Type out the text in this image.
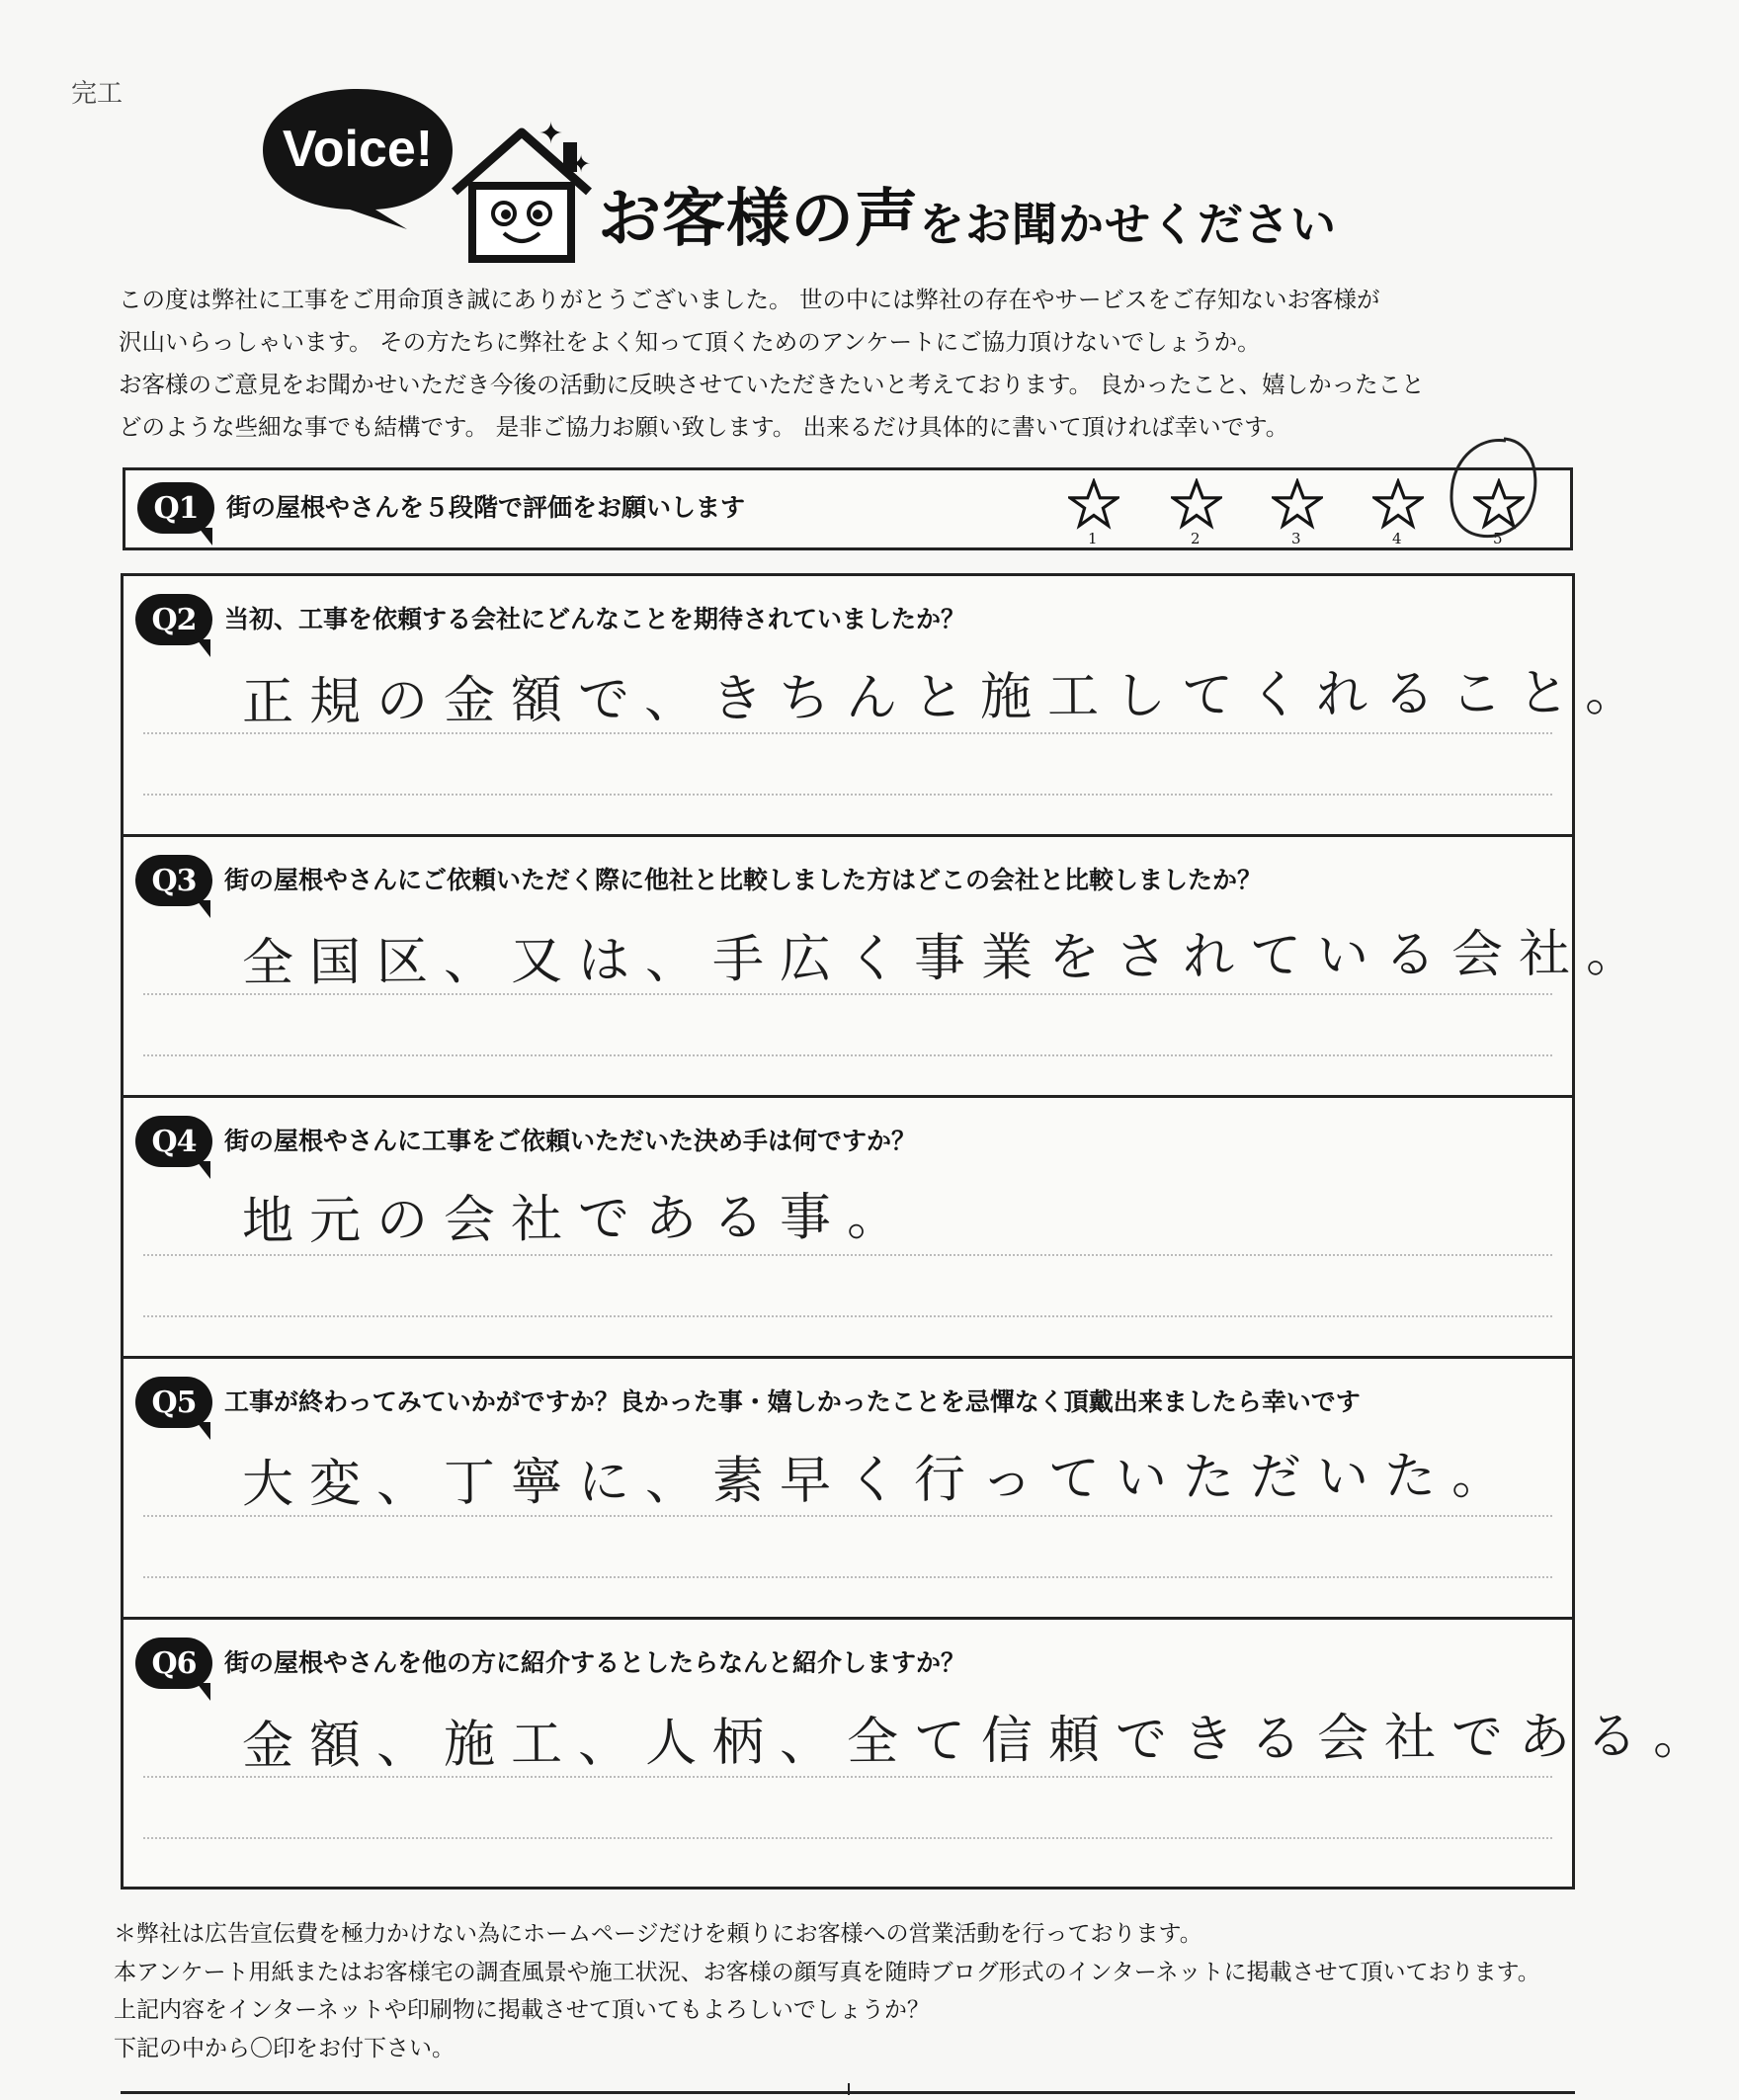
完工
Voice!	✦
✦
お客様の声をお聞かせください
この度は弊社に工事をご用命頂き誠にありがとうございました。 世の中には弊社の存在やサービスをご存知ないお客様が
沢山いらっしゃいます。 その方たちに弊社をよく知って頂くためのアンケートにご協力頂けないでしょうか。
お客様のご意見をお聞かせいただき今後の活動に反映させていただきたいと考えております。 良かったこと、嬉しかったこと
どのような些細な事でも結構です。 是非ご協力お願い致します。 出来るだけ具体的に書いて頂ければ幸いです。
Q1	街の屋根やさんを５段階で評価をお願いします
1	2	3	4	5
Q2	当初、工事を依頼する会社にどんなことを期待されていましたか？
正規の金額で、きちんと施工してくれること。
Q3	街の屋根やさんにご依頼いただく際に他社と比較しました方はどこの会社と比較しましたか？
全国区、又は、手広く事業をされている会社。
Q4	街の屋根やさんに工事をご依頼いただいた決め手は何ですか？
地元の会社である事。
Q5	工事が終わってみていかがですか？良かった事・嬉しかったことを忌憚なく頂戴出来ましたら幸いです
大変、丁寧に、素早く行っていただいた。
Q6	街の屋根やさんを他の方に紹介するとしたらなんと紹介しますか？
金額、施工、人柄、全て信頼できる会社である。
＊弊社は広告宣伝費を極力かけない為にホームページだけを頼りにお客様への営業活動を行っております。
本アンケート用紙またはお客様宅の調査風景や施工状況、お客様の顔写真を随時ブログ形式のインターネットに掲載させて頂いております。
上記内容をインターネットや印刷物に掲載させて頂いてもよろしいでしょうか？
下記の中から〇印をお付下さい。
